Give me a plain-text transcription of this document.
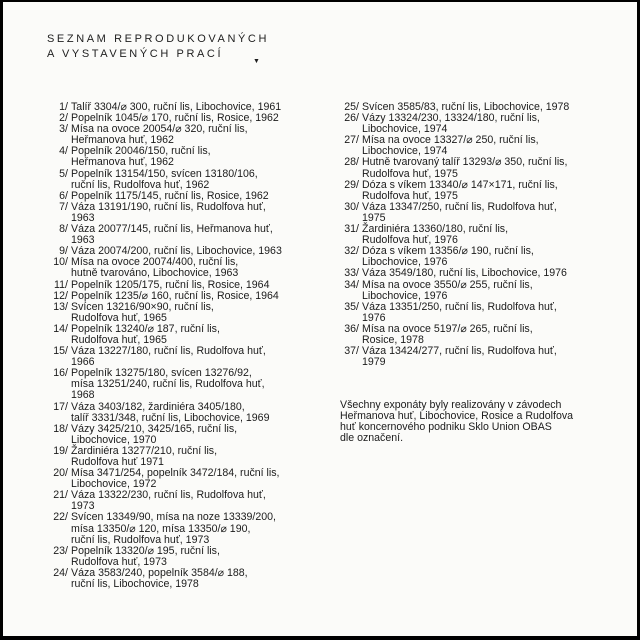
SEZNAM REPRODUKOVANÝCH
A VYSTAVENÝCH PRACÍ
▼
1/ Talíř 3304/⌀ 300, ruční lis, Libochovice, 1961
2/ Popelník 1045/⌀ 170, ruční lis, Rosice, 1962
3/ Mísa na ovoce 20054/⌀ 320, ruční lis,
Heřmanova huť, 1962
4/ Popelník 20046/150, ruční lis,
Heřmanova huť, 1962
5/ Popelník 13154/150, svícen 13180/106,
ruční lis, Rudolfova huť, 1962
6/ Popelník 1175/145, ruční lis, Rosice, 1962
7/ Váza 13191/190, ruční lis, Rudolfova huť,
1963
8/ Váza 20077/145, ruční lis, Heřmanova huť,
1963
9/ Váza 20074/200, ruční lis, Libochovice, 1963
10/ Mísa na ovoce 20074/400, ruční lis,
hutně tvarováno, Libochovice, 1963
11/ Popelník 1205/175, ruční lis, Rosice, 1964
12/ Popelník 1235/⌀ 160, ruční lis, Rosice, 1964
13/ Svícen 13216/90×90, ruční lis,
Rudolfova huť, 1965
14/ Popelník 13240/⌀ 187, ruční lis,
Rudolfova huť, 1965
15/ Váza 13227/180, ruční lis, Rudolfova huť,
1966
16/ Popelník 13275/180, svícen 13276/92,
mísa 13251/240, ruční lis, Rudolfova huť,
1968
17/ Váza 3403/182, žardiniéra 3405/180,
talíř 3331/348, ruční lis, Libochovice, 1969
18/ Vázy 3425/210, 3425/165, ruční lis,
Libochovice, 1970
19/ Žardiniéra 13277/210, ruční lis,
Rudolfova huť 1971
20/ Mísa 3471/254, popelník 3472/184, ruční lis,
Libochovice, 1972
21/ Váza 13322/230, ruční lis, Rudolfova huť,
1973
22/ Svícen 13349/90, mísa na noze 13339/200,
mísa 13350/⌀ 120, mísa 13350/⌀ 190,
ruční lis, Rudolfova huť, 1973
23/ Popelník 13320/⌀ 195, ruční lis,
Rudolfova huť, 1973
24/ Váza 3583/240, popelník 3584/⌀ 188,
ruční lis, Libochovice, 1978
25/ Svícen 3585/83, ruční lis, Libochovice, 1978
26/ Vázy 13324/230, 13324/180, ruční lis,
Libochovice, 1974
27/ Mísa na ovoce 13327/⌀ 250, ruční lis,
Libochovice, 1974
28/ Hutně tvarovaný talíř 13293/⌀ 350, ruční lis,
Rudolfova huť, 1975
29/ Dóza s víkem 13340/⌀ 147×171, ruční lis,
Rudolfova huť, 1975
30/ Váza 13347/250, ruční lis, Rudolfova huť,
1975
31/ Žardiniéra 13360/180, ruční lis,
Rudolfova huť, 1976
32/ Dóza s víkem 13356/⌀ 190, ruční lis,
Libochovice, 1976
33/ Váza 3549/180, ruční lis, Libochovice, 1976
34/ Mísa na ovoce 3550/⌀ 255, ruční lis,
Libochovice, 1976
35/ Váza 13351/250, ruční lis, Rudolfova huť,
1976
36/ Mísa na ovoce 5197/⌀ 265, ruční lis,
Rosice, 1978
37/ Váza 13424/277, ruční lis, Rudolfova huť,
1979
Všechny exponáty byly realizovány v závodech
Heřmanova huť, Libochovice, Rosice a Rudolfova
huť koncernového podniku Sklo Union OBAS
dle označení.
